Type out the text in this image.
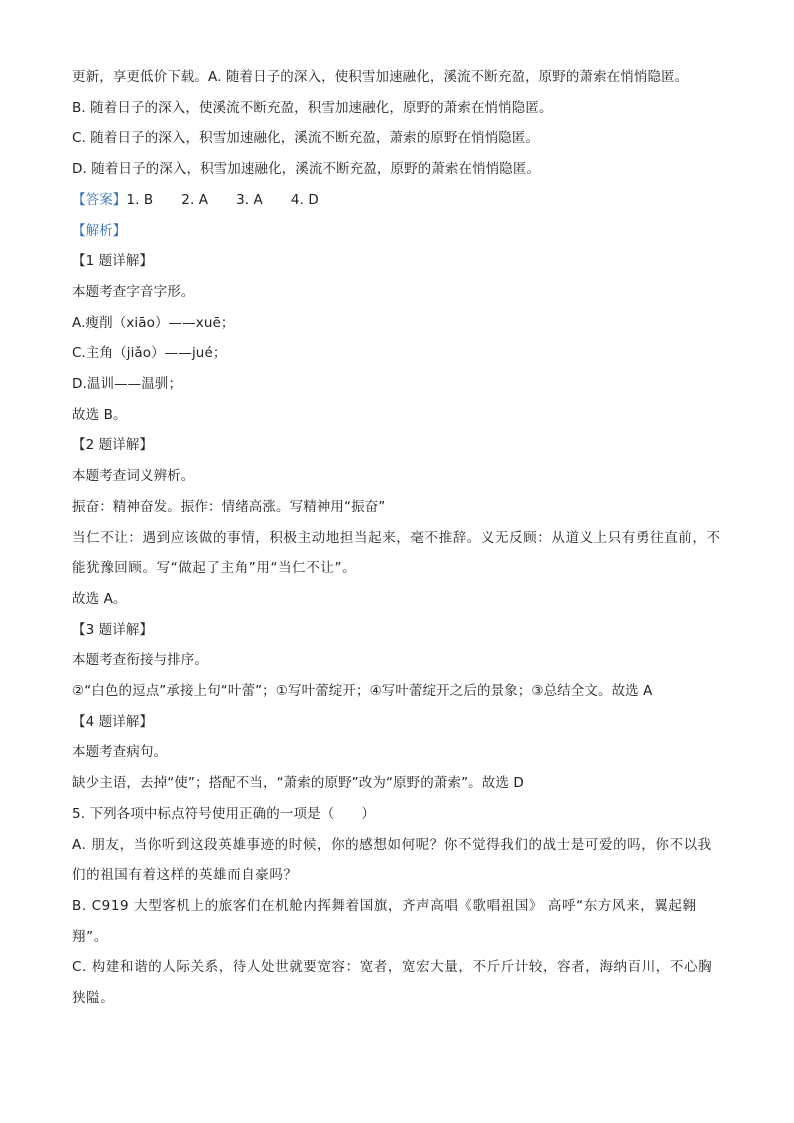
更新，享更低价下载。A. 随着日子的深入，使积雪加速融化，溪流不断充盈，原野的萧索在悄悄隐匿。
B. 随着日子的深入，使溪流不断充盈，积雪加速融化，原野的萧索在悄悄隐匿。
C. 随着日子的深入，积雪加速融化，溪流不断充盈，萧索的原野在悄悄隐匿。
D. 随着日子的深入，积雪加速融化，溪流不断充盈，原野的萧索在悄悄隐匿。
【答案】1. B 2. A 3. A 4. D
【解析】
【1 题详解】
本题考查字音字形。
A.瘦削（xiāo）——xuē；
C.主角（jiǎo）——jué；
D.温训——温驯；
故选 B。
【2 题详解】
本题考查词义辨析。
振奋：精神奋发。振作：情绪高涨。写精神用“振奋”
当仁不让：遇到应该做的事情，积极主动地担当起来，毫不推辞。义无反顾：从道义上只有勇往直前，不能犹豫回顾。写“做起了主角”用“当仁不让”。
故选 A。
【3 题详解】
本题考查衔接与排序。
②“白色的逗点”承接上句“叶蕾”；①写叶蕾绽开；④写叶蕾绽开之后的景象；③总结全文。故选 A
【4 题详解】
本题考查病句。
缺少主语，去掉“使”；搭配不当，“萧索的原野”改为“原野的萧索”。故选 D
5. 下列各项中标点符号使用正确的一项是（　　）
A. 朋友，当你听到这段英雄事迹的时候，你的感想如何呢？你不觉得我们的战士是可爱的吗，你不以我们的祖国有着这样的英雄而自豪吗？
B. C919 大型客机上的旅客们在机舱内挥舞着国旗，齐声高唱《歌唱祖国》 高呼“东方风来，翼起翱翔”。
C. 构建和谐的人际关系，待人处世就要宽容：宽者，宽宏大量，不斤斤计较，容者，海纳百川，不心胸狭隘。
